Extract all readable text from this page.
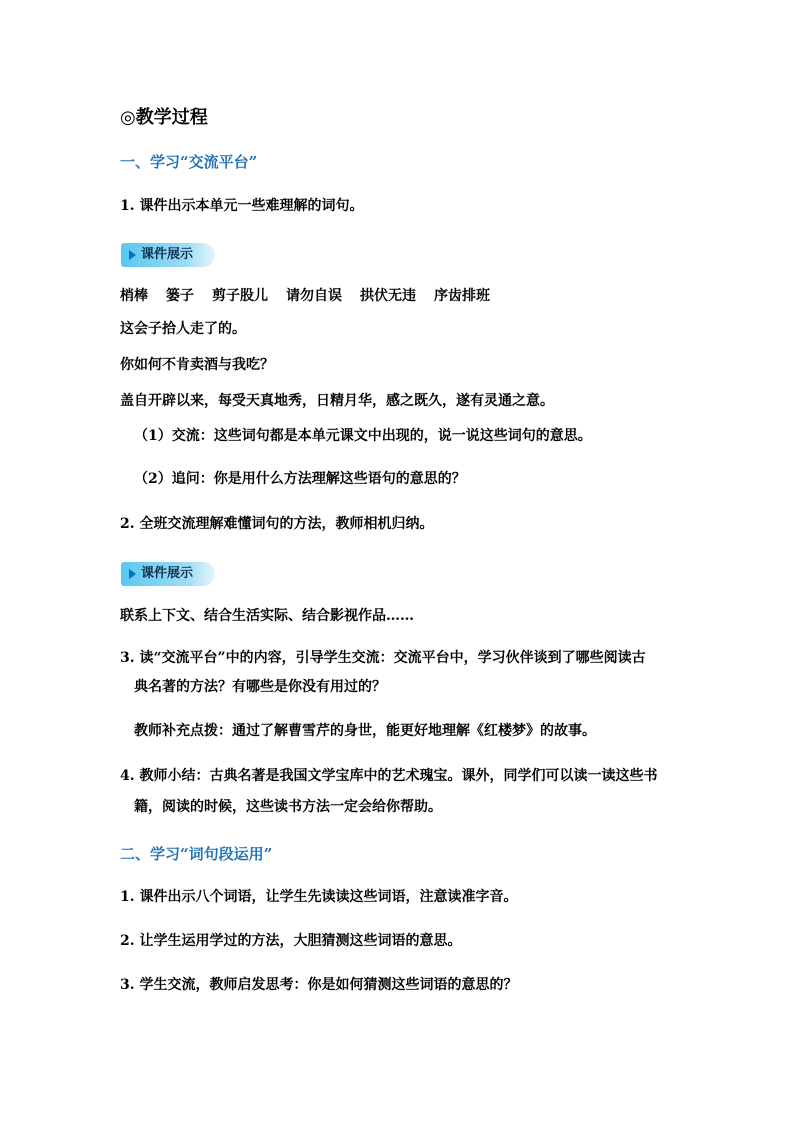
◎教学过程
一、学习“交流平台”
1. 课件出示本单元一些难理解的词句。
课件展示
梢棒 篓子 剪子股儿 请勿自误 拱伏无违 序齿排班
这会子拾人走了的。
你如何不肯卖酒与我吃？
盖自开辟以来，每受天真地秀，日精月华，感之既久，遂有灵通之意。
（1）交流：这些词句都是本单元课文中出现的，说一说这些词句的意思。
（2）追问：你是用什么方法理解这些语句的意思的？
2. 全班交流理解难懂词句的方法，教师相机归纳。
课件展示
联系上下文、结合生活实际、结合影视作品……
3. 读“交流平台”中的内容，引导学生交流：交流平台中，学习伙伴谈到了哪些阅读古
典名著的方法？有哪些是你没有用过的？
教师补充点拨：通过了解曹雪芹的身世，能更好地理解《红楼梦》的故事。
4. 教师小结：古典名著是我国文学宝库中的艺术瑰宝。课外，同学们可以读一读这些书
籍，阅读的时候，这些读书方法一定会给你帮助。
二、学习“词句段运用”
1. 课件出示八个词语，让学生先读读这些词语，注意读准字音。
2. 让学生运用学过的方法，大胆猜测这些词语的意思。
3. 学生交流，教师启发思考：你是如何猜测这些词语的意思的？
